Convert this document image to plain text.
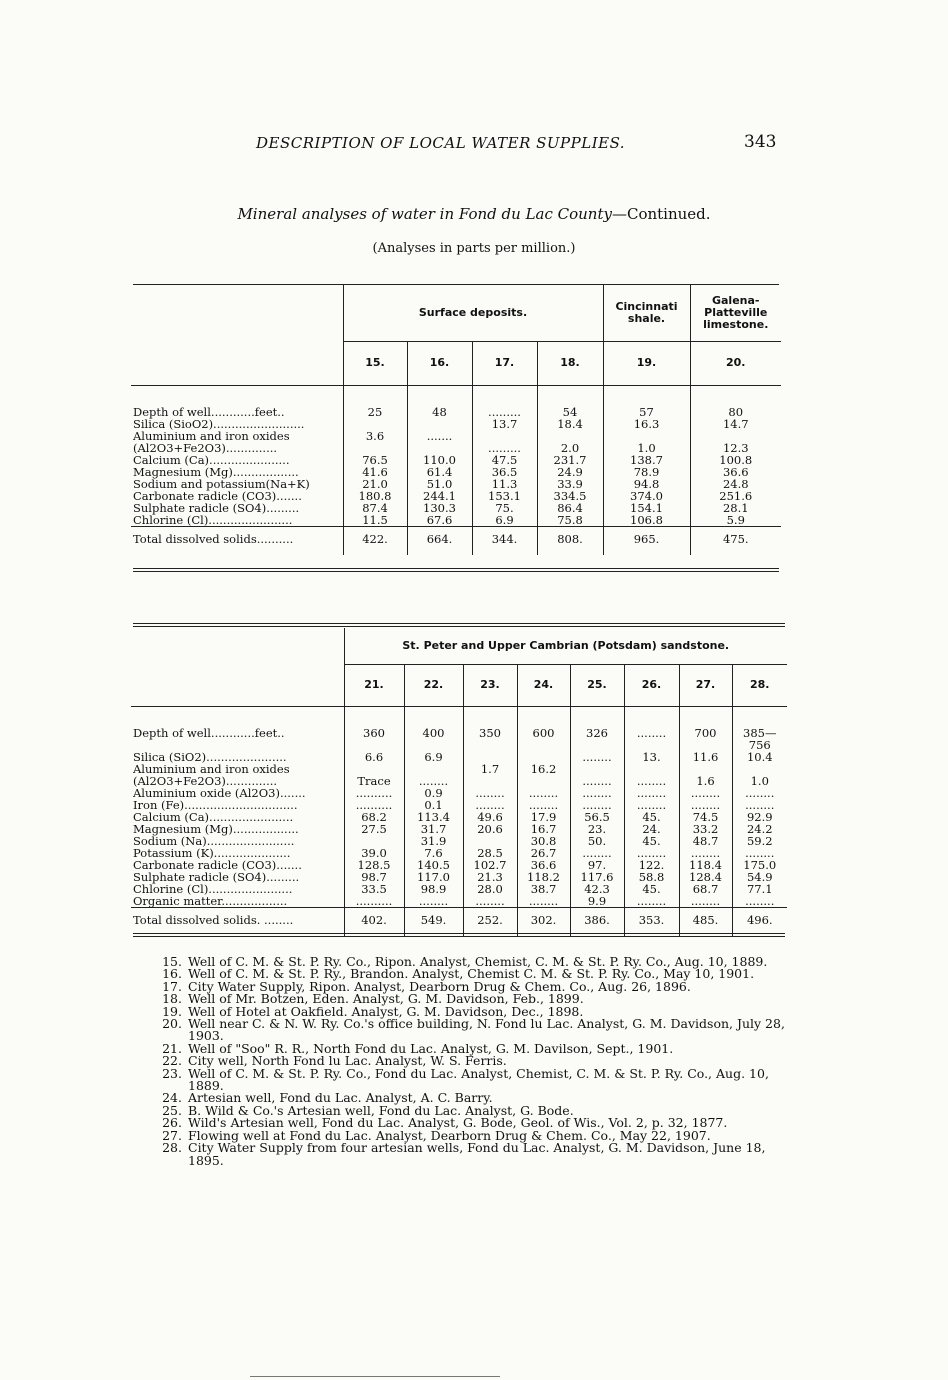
DESCRIPTION OF LOCAL WATER SUPPLIES.	343
Mineral analyses of water in Fond du Lac County—Continued.
(Analyses in parts per million.)
	Surface deposits.				Cincinnati shale.	Galena-Platteville limestone.
	15.	16.	17.	18.	19.	20.
Depth of well............feet..	25	48	.........	54	57	80
Silica (SioO2).........................			13.7	18.4	16.3	14.7
Aluminium and iron oxides	3.6	.......				
(Al2O3+Fe2O3)..............			.........	2.0	1.0	12.3
Calcium (Ca)......................	76.5	110.0	47.5	231.7	138.7	100.8
Magnesium (Mg)..................	41.6	61.4	36.5	24.9	78.9	36.6
Sodium and potassium(Na+K)	21.0	51.0	11.3	33.9	94.8	24.8
Carbonate radicle (CO3).......	180.8	244.1	153.1	334.5	374.0	251.6
Sulphate radicle (SO4).........	87.4	130.3	75.	86.4	154.1	28.1
Chlorine (Cl).......................	11.5	67.6	6.9	75.8	106.8	5.9
Total dissolved solids..........	422.	664.	344.	808.	965.	475.
	St. Peter and Upper Cambrian (Potsdam) sandstone.							
	21.	22.	23.	24.	25.	26.	27.	28.
Depth of well............feet..	360	400	350	600	326	........	700	385—756
Silica (SiO2)......................	6.6	6.9			........	13.	11.6	10.4
Aluminium and iron oxides			1.7	16.2				
(Al2O3+Fe2O3)..............	Trace	........			........	........	1.6	1.0
Aluminium oxide (Al2O3).......	..........	0.9	........	........	........	........	........	........
Iron (Fe)...............................	..........	0.1	........	........	........	........	........	........
Calcium (Ca).......................	68.2	113.4	49.6	17.9	56.5	45.	74.5	92.9
Magnesium (Mg)..................	27.5	31.7	20.6	16.7	23.	24.	33.2	24.2
Sodium (Na)........................		31.9		30.8	50.	45.	48.7	59.2
Potassium (K).....................	39.0	7.6	28.5	26.7	........	........	........	........
Carbonate radicle (CO3).......	128.5	140.5	102.7	36.6	97.	122.	118.4	175.0
Sulphate radicle (SO4).........	98.7	117.0	21.3	118.2	117.6	58.8	128.4	54.9
Chlorine (Cl).......................	33.5	98.9	28.0	38.7	42.3	45.	68.7	77.1
Organic matter..................	..........	........	........	........	9.9	........	........	........
Total dissolved solids. ........	402.	549.	252.	302.	386.	353.	485.	496.
15. Well of C. M. & St. P. Ry. Co., Ripon. Analyst, Chemist, C. M. & St. P. Ry. Co., Aug. 10, 1889.
16. Well of C. M. & St. P. Ry., Brandon. Analyst, Chemist C. M. & St. P. Ry. Co., May 10, 1901.
17. City Water Supply, Ripon. Analyst, Dearborn Drug & Chem. Co., Aug. 26, 1896.
18. Well of Mr. Botzen, Eden. Analyst, G. M. Davidson, Feb., 1899.
19. Well of Hotel at Oakfield. Analyst, G. M. Davidson, Dec., 1898.
20. Well near C. & N. W. Ry. Co.'s office building, N. Fond lu Lac. Analyst, G. M. Davidson, July 28, 1903.
21. Well of "Soo" R. R., North Fond du Lac. Analyst, G. M. Davilson, Sept., 1901.
22. City well, North Fond lu Lac. Analyst, W. S. Ferris.
23. Well of C. M. & St. P. Ry. Co., Fond du Lac. Analyst, Chemist, C. M. & St. P. Ry. Co., Aug. 10, 1889.
24. Artesian well, Fond du Lac. Analyst, A. C. Barry.
25. B. Wild & Co.'s Artesian well, Fond du Lac. Analyst, G. Bode.
26. Wild's Artesian well, Fond du Lac. Analyst, G. Bode, Geol. of Wis., Vol. 2, p. 32, 1877.
27. Flowing well at Fond du Lac. Analyst, Dearborn Drug & Chem. Co., May 22, 1907.
28. City Water Supply from four artesian wells, Fond du Lac. Analyst, G. M. Davidson, June 18, 1895.
